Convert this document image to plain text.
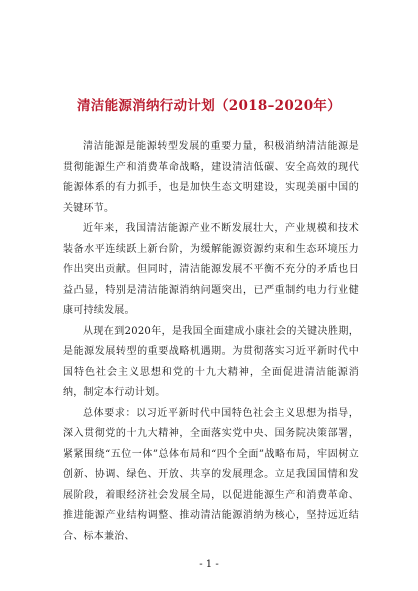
清洁能源消纳行动计划（2018–2020年）

清洁能源是能源转型发展的重要力量，积极消纳清洁能源是贯彻能源生产和消费革命战略，建设清洁低碳、安全高效的现代能源体系的有力抓手，也是加快生态文明建设，实现美丽中国的关键环节。

近年来，我国清洁能源产业不断发展壮大，产业规模和技术装备水平连续跃上新台阶，为缓解能源资源约束和生态环境压力作出突出贡献。但同时，清洁能源发展不平衡不充分的矛盾也日益凸显，特别是清洁能源消纳问题突出，已严重制约电力行业健康可持续发展。

从现在到2020年，是我国全面建成小康社会的关键决胜期，是能源发展转型的重要战略机遇期。为贯彻落实习近平新时代中国特色社会主义思想和党的十九大精神，全面促进清洁能源消纳，制定本行动计划。

总体要求：以习近平新时代中国特色社会主义思想为指导，深入贯彻党的十九大精神，全面落实党中央、国务院决策部署，紧紧围绕“五位一体”总体布局和“四个全面”战略布局，牢固树立创新、协调、绿色、开放、共享的发展理念。立足我国国情和发展阶段，着眼经济社会发展全局，以促进能源生产和消费革命、推进能源产业结构调整、推动清洁能源消纳为核心，坚持远近结合、标本兼治、

- 1 -
